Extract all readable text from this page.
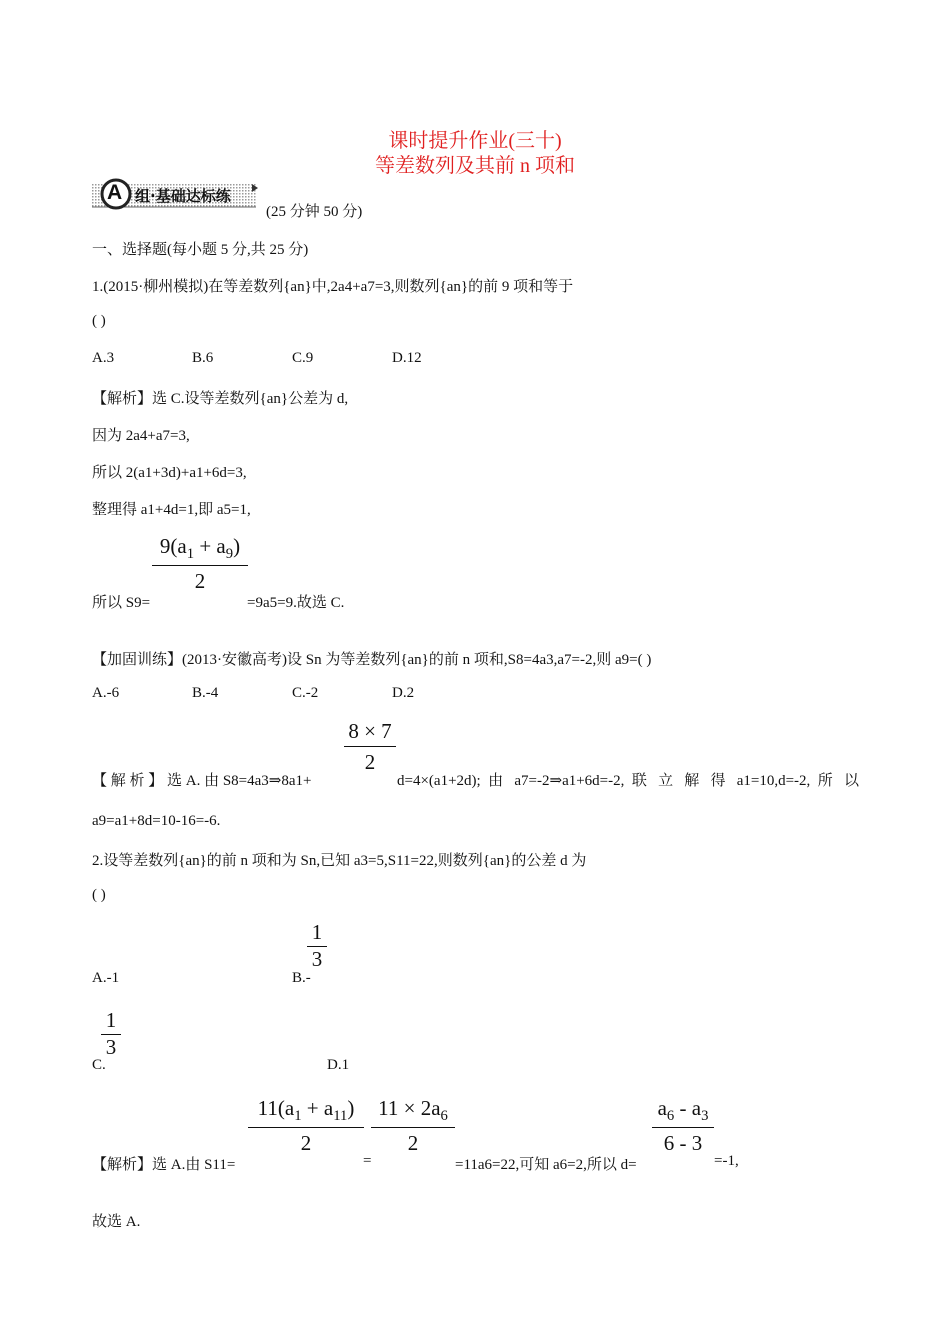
课时提升作业(三十)
等差数列及其前 n 项和
A 组·基础达标练
(25 分钟 50 分)
一、选择题(每小题 5 分,共 25 分)
1.(2015·柳州模拟)在等差数列{an}中,2a4+a7=3,则数列{an}的前 9 项和等于
( )
A.3	B.6	C.9	D.12
【解析】选 C.设等差数列{an}公差为 d,
因为 2a4+a7=3,
所以 2(a1+3d)+a1+6d=3,
整理得 a1+4d=1,即 a5=1,
$9(a_1 + a_9)$
2
所以 S9=	=9a5=9.故选 C.
【加固训练】(2013·安徽高考)设 Sn 为等差数列{an}的前 n 项和,S8=4a3,a7=-2,则 a9=( )
A.-6	B.-4	C.-2	D.2
8 × 7
2
【 解 析 】 选 A. 由 S8=4a3⇒8a1+	d=4×(a1+2d); 由 a7=-2⇒a1+6d=-2, 联 立 解 得 a1=10,d=-2, 所 以
a9=a1+8d=10-16=-6.
2.设等差数列{an}的前 n 项和为 Sn,已知 a3=5,S11=22,则数列{an}的公差 d 为
( )
A.-1	B.-
1
3
1
3
C.	D.1
$11(a_1 + a_{11})$
2
$11 \times 2a_6$
2
$a_6 - a_3$
6 - 3
【解析】选 A.由 S11=	=	=11a6=22,可知 a6=2,所以 d=	=-1,
故选 A.
